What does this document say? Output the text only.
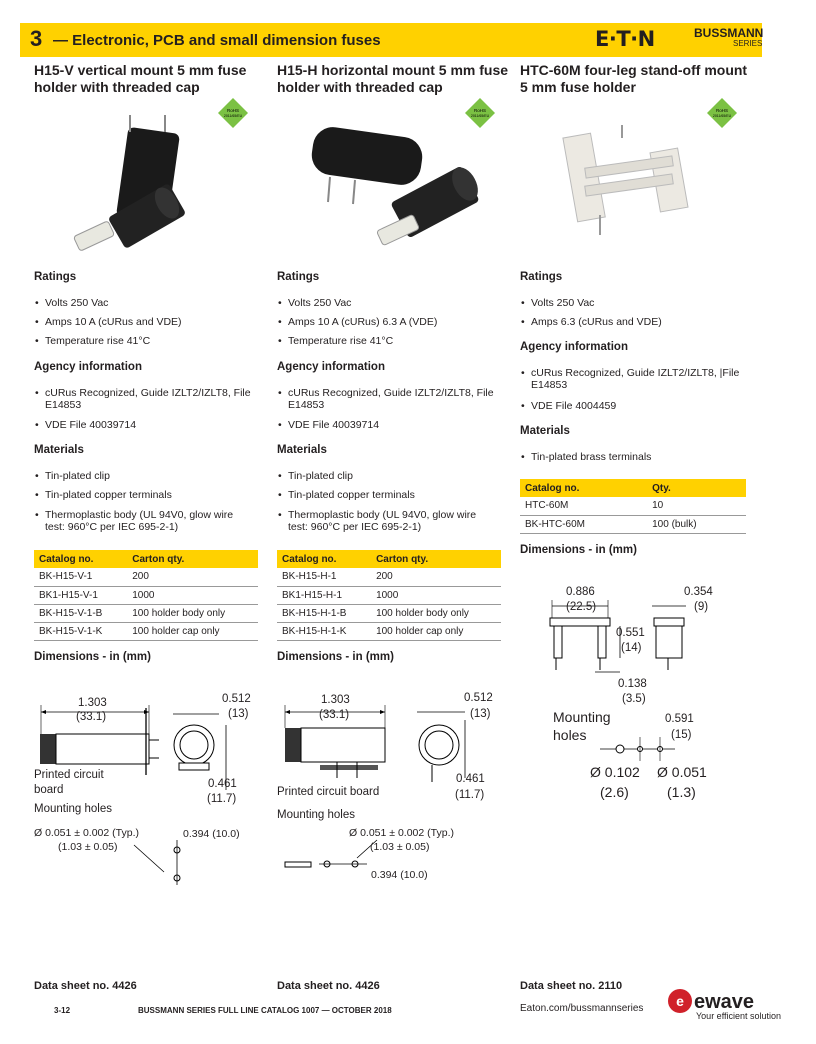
3 — Electronic, PCB and small dimension fuses	E·T·N	BUSSMANN
SERIES
H15-V vertical mount 5 mm fuse holder with threaded cap
RoHS
2011/65/EU
Ratings
• Volts 250 Vac
• Amps 10 A (cURus and VDE)
• Temperature rise 41°C
Agency information
• cURus Recognized, Guide IZLT2/IZLT8, File E14853
• VDE File 40039714
Materials
• Tin-plated clip
• Tin-plated copper terminals
• Thermoplastic body (UL 94V0, glow wire test: 960°C per IEC 695-2-1)
Catalog no.	Carton qty.
BK-H15-V-1	200
BK1-H15-V-1	1000
BK-H15-V-1-B	100 holder body only
BK-H15-V-1-K	100 holder cap only
Dimensions - in (mm)
1.303
(33.1)
0.512
(13)
0.461
(11.7)
Printed circuit board
Mounting holes
Ø 0.051 ± 0.002 (Typ.)
(1.03 ± 0.05)
0.394 (10.0)
Data sheet no. 4426
H15-H horizontal mount 5 mm fuse holder with threaded cap
RoHS
2011/65/EU
Ratings
• Volts 250 Vac
• Amps 10 A (cURus) 6.3 A (VDE)
• Temperature rise 41°C
Agency information
• cURus Recognized, Guide IZLT2/IZLT8, File E14853
• VDE File 40039714
Materials
• Tin-plated clip
• Tin-plated copper terminals
• Thermoplastic body (UL 94V0, glow wire test: 960°C per IEC 695-2-1)
Catalog no.	Carton qty.
BK-H15-H-1	200
BK1-H15-H-1	1000
BK-H15-H-1-B	100 holder body only
BK-H15-H-1-K	100 holder cap only
Dimensions - in (mm)
1.303
(33.1)
0.512
(13)
0.461
(11.7)
Printed circuit board
Mounting holes
Ø 0.051 ± 0.002 (Typ.)
(1.03 ± 0.05)
0.394 (10.0)
Data sheet no. 4426
HTC-60M four-leg stand-off mount 5 mm fuse holder
RoHS
2011/65/EU
Ratings
• Volts 250 Vac
• Amps 6.3 (cURus and VDE)
Agency information
• cURus Recognized, Guide IZLT2/IZLT8, |File E14853
• VDE File 4004459
Materials
• Tin-plated brass terminals
Catalog no.	Qty.
HTC-60M	10
BK-HTC-60M	100 (bulk)
Dimensions - in (mm)
0.886
(22.5)
0.354
(9)
0.551
(14)
0.138
(3.5)
Mounting holes
0.591
(15)
Ø 0.102
(2.6)
Ø 0.051
(1.3)
Data sheet no. 2110
3-12	BUSSMANN SERIES FULL LINE CATALOG 1007 — OCTOBER 2018	Eaton.com/bussmannseries e ewave
Your efficient solution
